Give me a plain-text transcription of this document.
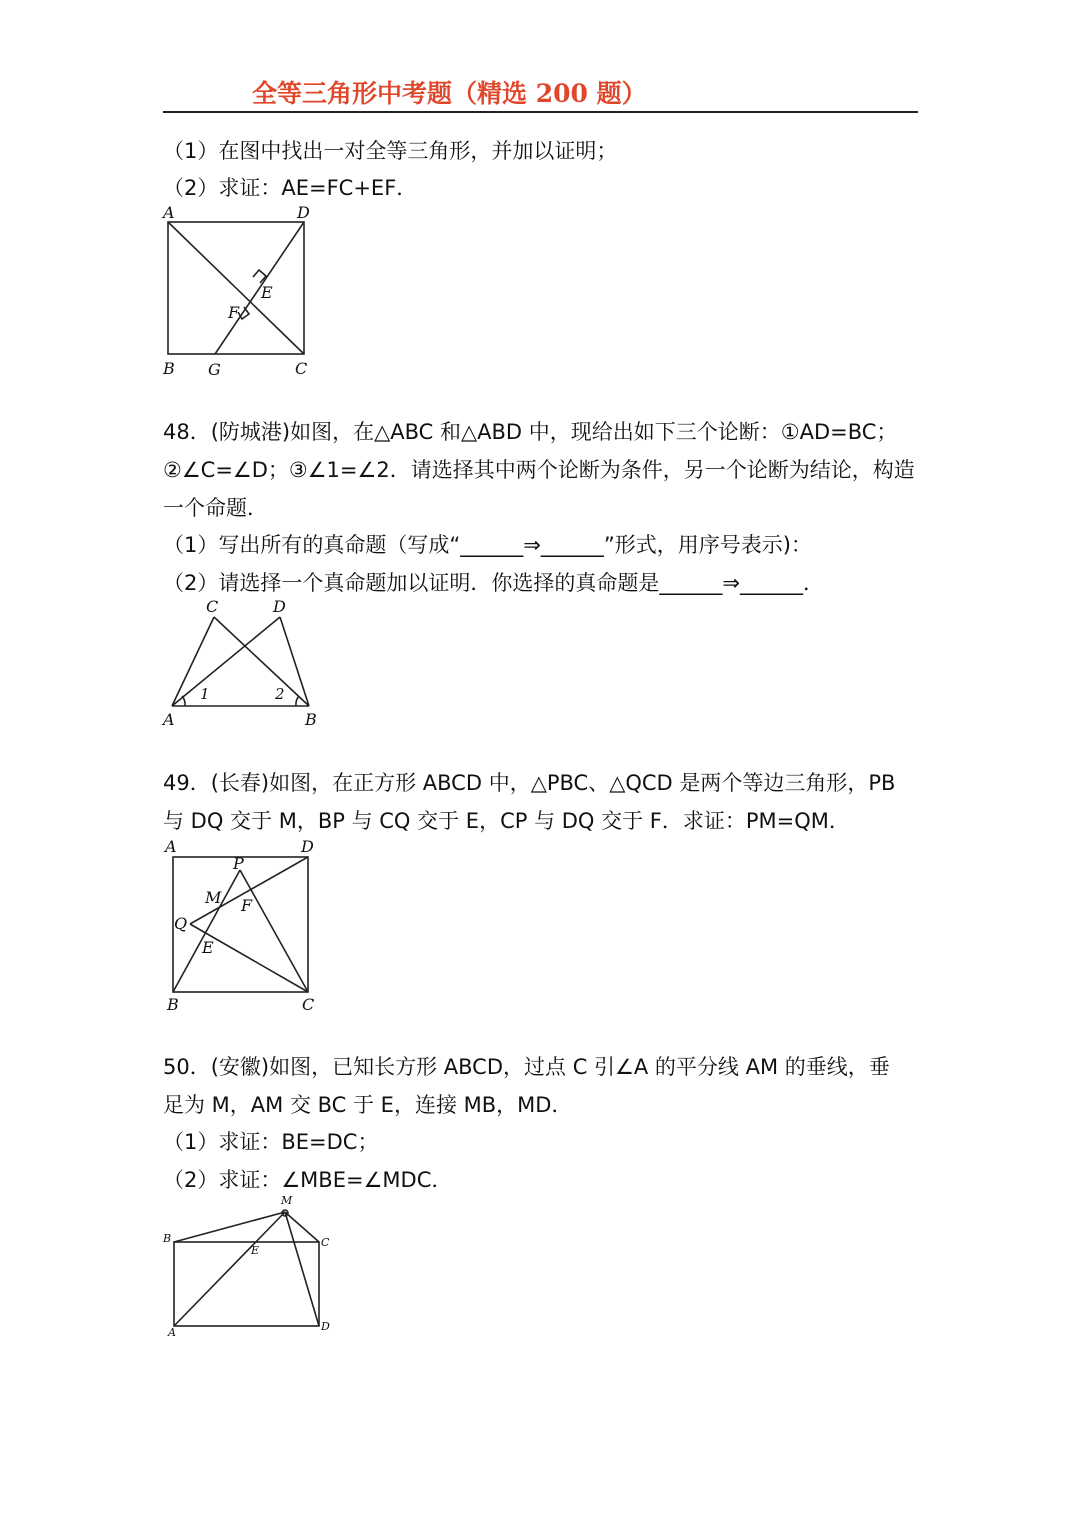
全等三角形中考题（精选 200 题）
（1）在图中找出一对全等三角形，并加以证明；
（2）求证：AE=FC+EF．
A	D
E
F
B G	C
48．(防城港)如图，在△ABC 和△ABD 中，现给出如下三个论断：①AD=BC；
②∠C=∠D；③∠1=∠2．请选择其中两个论断为条件，另一个论断为结论，构造
一个命题．
（1）写出所有的真命题（写成“______⇒______”形式，用序号表示)：
（2）请选择一个真命题加以证明．你选择的真命题是______⇒______．
C	D
1	2
A	B
49．(长春)如图，在正方形 ABCD 中，△PBC、△QCD 是两个等边三角形，PB
与 DQ 交于 M，BP 与 CQ 交于 E，CP 与 DQ 交于 F．求证：PM=QM．
A	D
P
M F
Q
E
B	C
50．(安徽)如图，已知长方形 ABCD，过点 C 引∠A 的平分线 AM 的垂线，垂
足为 M，AM 交 BC 于 E，连接 MB，MD．
（1）求证：BE=DC；
（2）求证：∠MBE=∠MDC．
M
B
E
C
A	D
